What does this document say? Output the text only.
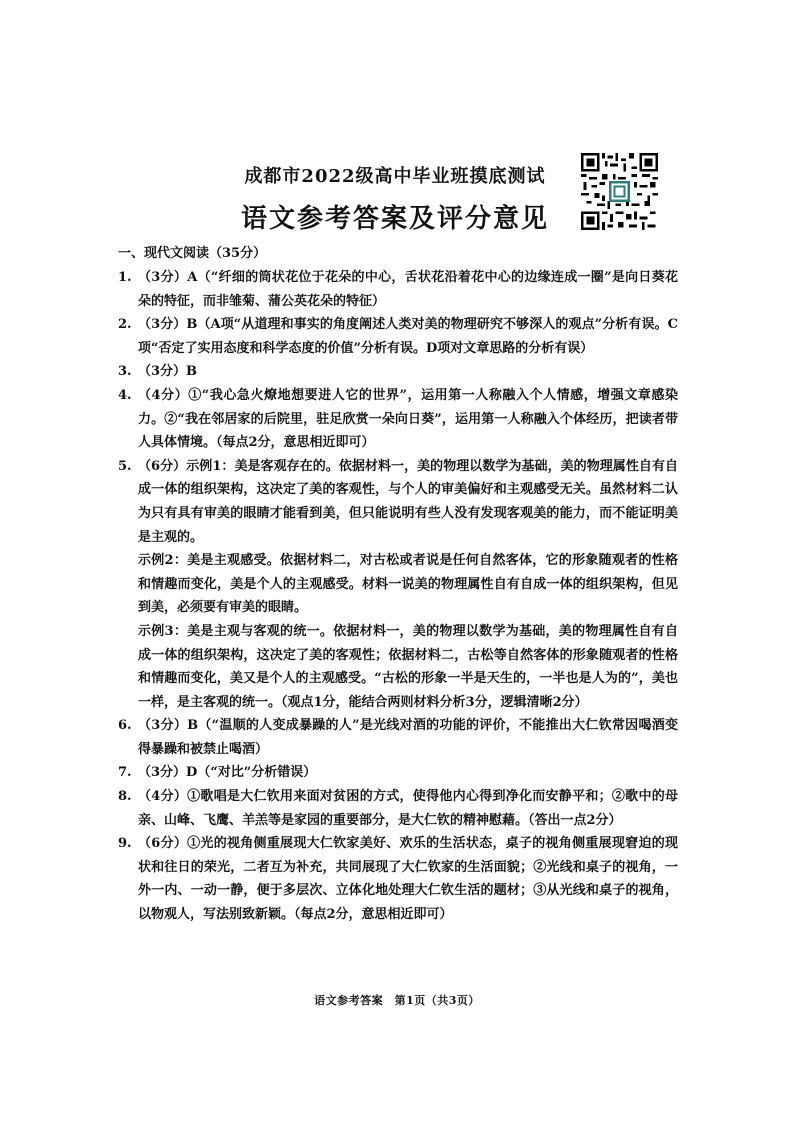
成都市2022级高中毕业班摸底测试
语文参考答案及评分意见
一、现代文阅读（35分）
1. （3分）A（“纤细的筒状花位于花朵的中心，舌状花沿着花中心的边缘连成一圈”是向日葵花朵的特征，而非雏菊、蒲公英花朵的特征）
2. （3分）B（A项“从道理和事实的角度阐述人类对美的物理研究不够深人的观点”分析有误。C项“否定了实用态度和科学态度的价值”分析有误。D项对文章思路的分析有误）
3. （3分）B
4. （4分）①“我心急火燎地想要进人它的世界”，运用第一人称融入个人情感，增强文章感染力。②“我在邻居家的后院里，驻足欣赏一朵向日葵”，运用第一人称融入个体经历，把读者带人具体情境。（每点2分，意思相近即可）
5. （6分）示例1：美是客观存在的。依据材料一，美的物理以数学为基础，美的物理属性自有自成一体的组织架构，这决定了美的客观性，与个人的审美偏好和主观感受无关。虽然材料二认为只有具有审美的眼睛才能看到美，但只能说明有些人没有发现客观美的能力，而不能证明美是主观的。
示例2：美是主观感受。依据材料二，对古松或者说是任何自然客体，它的形象随观者的性格和情趣而变化，美是个人的主观感受。材料一说美的物理属性自有自成一体的组织架构，但见到美，必须要有审美的眼睛。
示例3：美是主观与客观的统一。依据材料一，美的物理以数学为基础，美的物理属性自有自成一体的组织架构，这决定了美的客观性；依据材料二，古松等自然客体的形象随观者的性格和情趣而变化，美又是个人的主观感受。“古松的形象一半是天生的，一半也是人为的”，美也一样，是主客观的统一。（观点1分，能结合两则材料分析3分，逻辑清晰2分）
6. （3分）B（“温顺的人变成暴躁的人”是光线对酒的功能的评价，不能推出大仁钦常因喝酒变得暴躁和被禁止喝酒）
7. （3分）D（“对比”分析错误）
8. （4分）①歌唱是大仁钦用来面对贫困的方式，使得他内心得到净化而安静平和；②歌中的母亲、山峰、飞鹰、羊羔等是家园的重要部分，是大仁钦的精神慰藉。（答出一点2分）
9. （6分）①光的视角侧重展现大仁钦家美好、欢乐的生活状态，桌子的视角侧重展现窘迫的现状和往日的荣光，二者互为补充，共同展现了大仁钦家的生活面貌；②光线和桌子的视角，一外一内、一动一静，便于多层次、立体化地处理大仁钦生活的题材；③从光线和桌子的视角，以物观人，写法别致新颖。（每点2分，意思相近即可）
语文参考答案　第1页（共3页）
